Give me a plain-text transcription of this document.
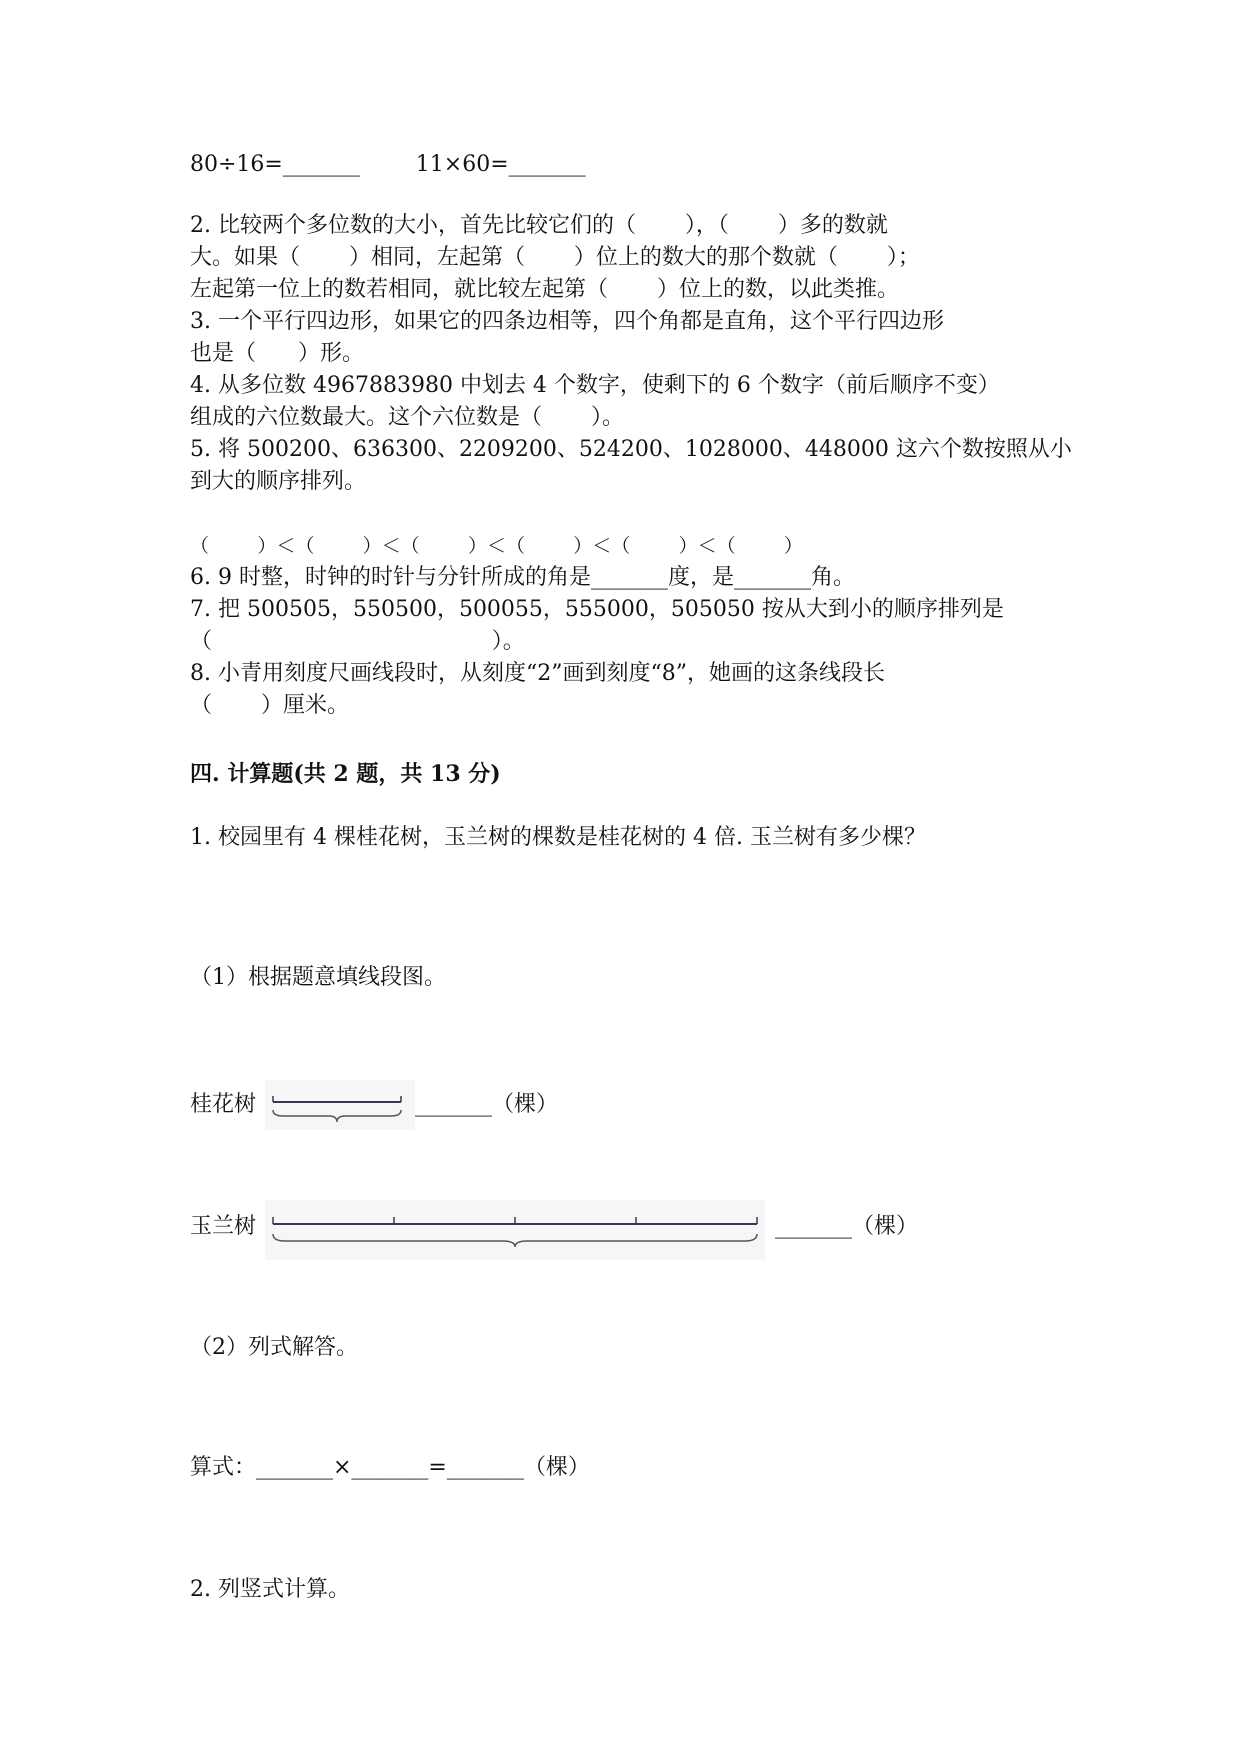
80÷16=_______        11×60=_______
2. 比较两个多位数的大小，首先比较它们的（       ），（       ）多的数就
大。如果（       ）相同，左起第（       ）位上的数大的那个数就（       ）；
左起第一位上的数若相同，就比较左起第（       ）位上的数，以此类推。
3. 一个平行四边形，如果它的四条边相等，四个角都是直角，这个平行四边形
也是（      ）形。
4. 从多位数 4967883980 中划去 4 个数字，使剩下的 6 个数字（前后顺序不变）
组成的六位数最大。这个六位数是（       ）。
5. 将 500200、636300、2209200、524200、1028000、448000 这六个数按照从小
到大的顺序排列。
（        ）＜（        ）＜（        ）＜（        ）＜（        ）＜（        ）
6. 9 时整，时钟的时针与分针所成的角是_______度，是_______角。
7. 把 500505，550500，500055，555000，505050 按从大到小的顺序排列是
（                                        ）。
8. 小青用刻度尺画线段时，从刻度“2”画到刻度“8”，她画的这条线段长
（       ）厘米。
四. 计算题(共 2 题，共 13 分)
1. 校园里有 4 棵桂花树，玉兰树的棵数是桂花树的 4 倍. 玉兰树有多少棵？
（1）根据题意填线段图。
桂花树	_______（棵）
玉兰树	_______（棵）
（2）列式解答。
算式：_______×_______=_______（棵）
2. 列竖式计算。
